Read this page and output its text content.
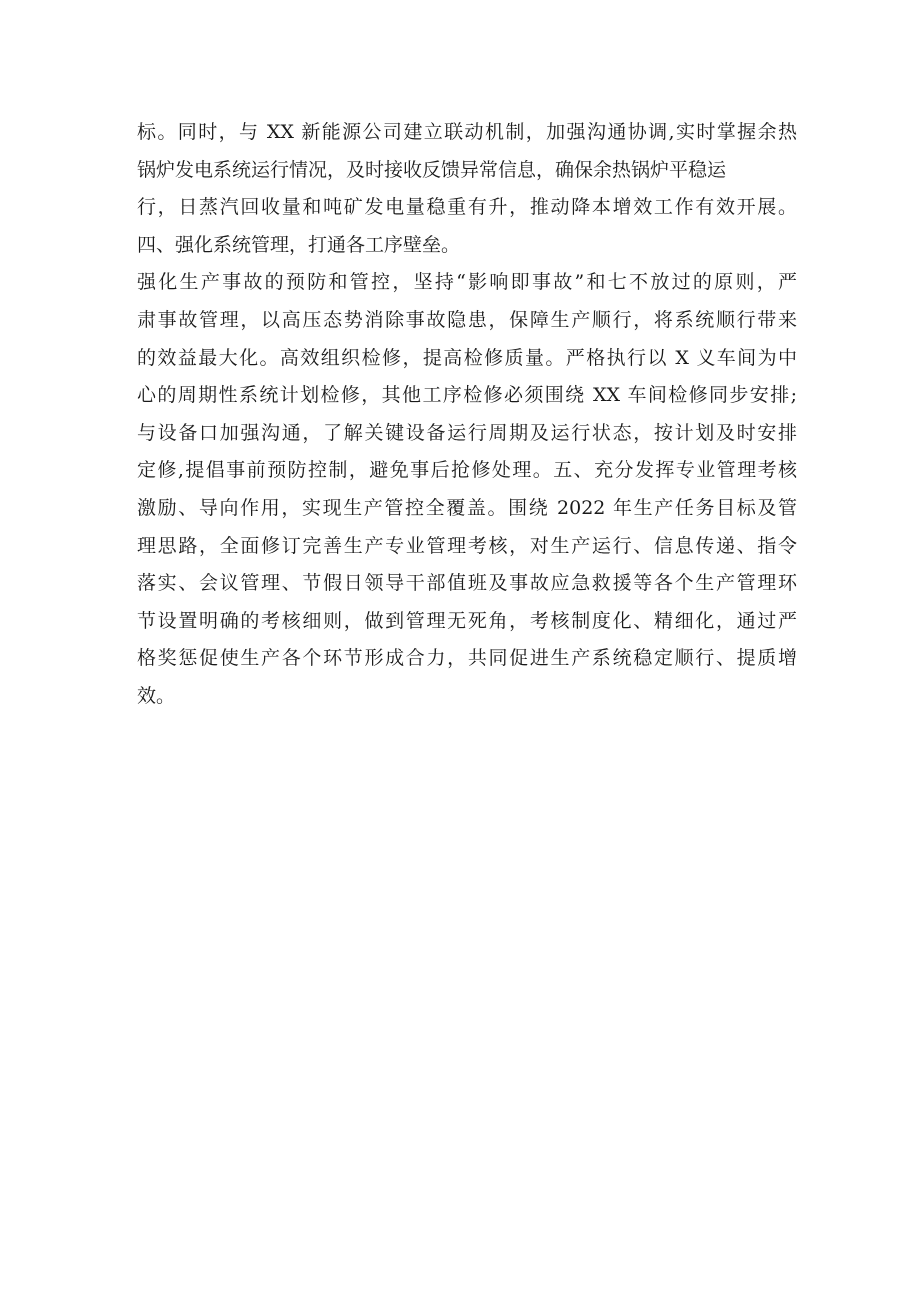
标。同时，与 XX 新能源公司建立联动机制，加强沟通协调,实时掌握余热
锅炉发电系统运行情况，及时接收反馈异常信息，确保余热锅炉平稳运
行，日蒸汽回收量和吨矿发电量稳重有升，推动降本增效工作有效开展。
四、强化系统管理，打通各工序壁垒。
强化生产事故的预防和管控，坚持“影响即事故”和七不放过的原则，严
肃事故管理，以高压态势消除事故隐患，保障生产顺行，将系统顺行带来
的效益最大化。高效组织检修，提高检修质量。严格执行以 X 义车间为中
心的周期性系统计划检修，其他工序检修必须围绕 XX 车间检修同步安排;
与设备口加强沟通，了解关键设备运行周期及运行状态，按计划及时安排
定修,提倡事前预防控制，避免事后抢修处理。五、充分发挥专业管理考核
激励、导向作用，实现生产管控全覆盖。围绕 2022 年生产任务目标及管
理思路，全面修订完善生产专业管理考核，对生产运行、信息传递、指令
落实、会议管理、节假日领导干部值班及事故应急救援等各个生产管理环
节设置明确的考核细则，做到管理无死角，考核制度化、精细化，通过严
格奖惩促使生产各个环节形成合力，共同促进生产系统稳定顺行、提质增
效。
